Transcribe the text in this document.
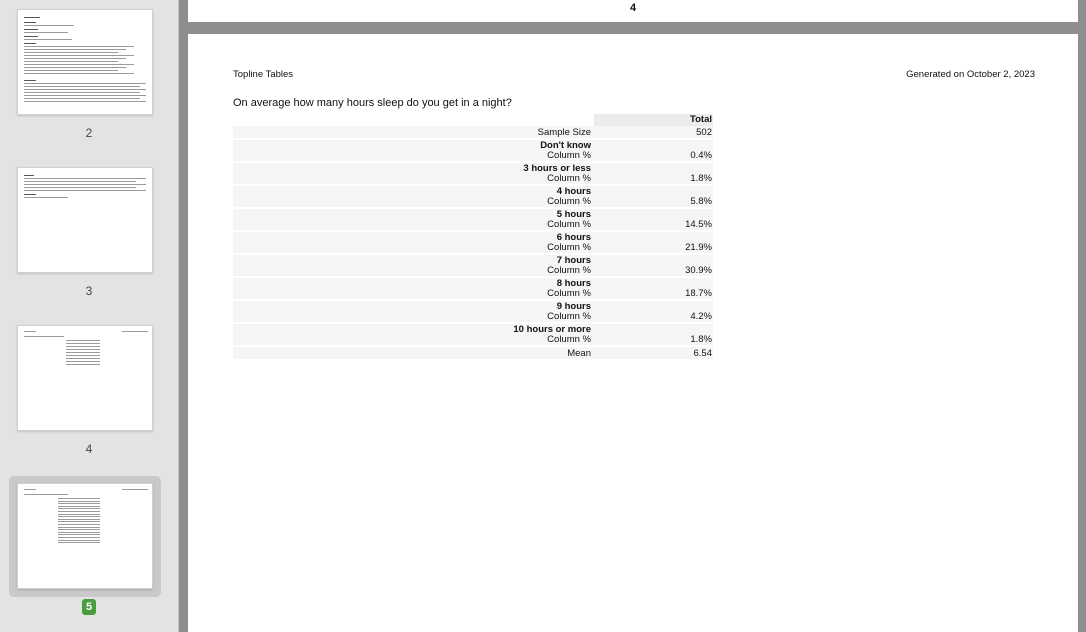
2
3
4
5
4
Topline Tables	Generated on October 2, 2023
On average how many hours sleep do you get in a night?
Total
Sample Size	502
Don't know
Column %	0.4%
3 hours or less
Column %	1.8%
4 hours
Column %	5.8%
5 hours
Column %	14.5%
6 hours
Column %	21.9%
7 hours
Column %	30.9%
8 hours
Column %	18.7%
9 hours
Column %	4.2%
10 hours or more
Column %	1.8%
Mean	6.54
